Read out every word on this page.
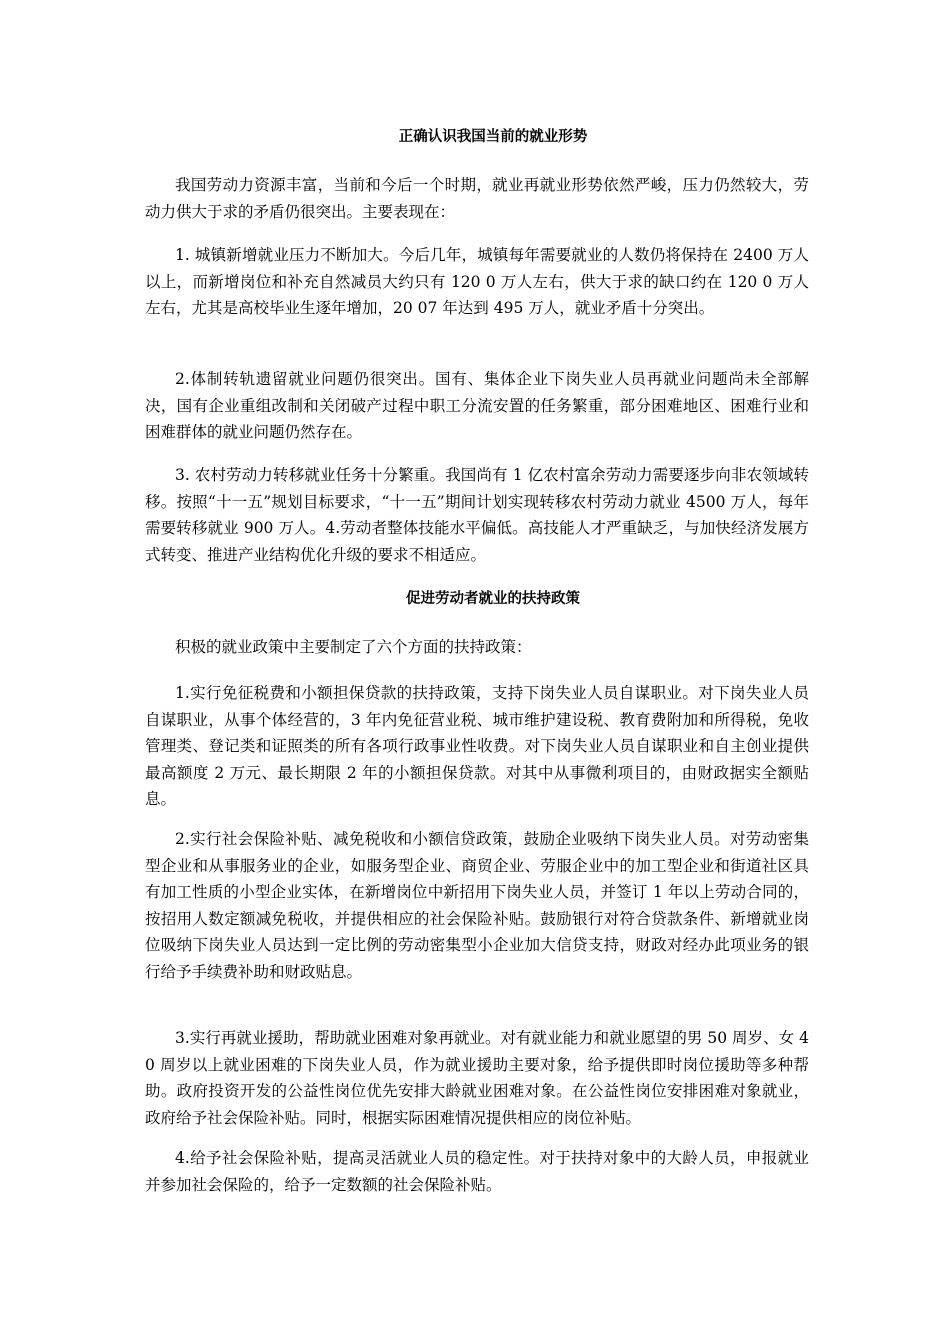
正确认识我国当前的就业形势

我国劳动力资源丰富，当前和今后一个时期，就业再就业形势依然严峻，压力仍然较大，劳动力供大于求的矛盾仍很突出。主要表现在：

1. 城镇新增就业压力不断加大。今后几年，城镇每年需要就业的人数仍将保持在 2400 万人以上，而新增岗位和补充自然减员大约只有 120 0 万人左右，供大于求的缺口约在 120 0 万人左右，尤其是高校毕业生逐年增加，20 07 年达到 495 万人，就业矛盾十分突出。

2.体制转轨遗留就业问题仍很突出。国有、集体企业下岗失业人员再就业问题尚未全部解决，国有企业重组改制和关闭破产过程中职工分流安置的任务繁重，部分困难地区、困难行业和困难群体的就业问题仍然存在。

3. 农村劳动力转移就业任务十分繁重。我国尚有 1 亿农村富余劳动力需要逐步向非农领域转移。按照“十一五”规划目标要求，“十一五”期间计划实现转移农村劳动力就业 4500 万人，每年需要转移就业 900 万人。4.劳动者整体技能水平偏低。高技能人才严重缺乏，与加快经济发展方式转变、推进产业结构优化升级的要求不相适应。

促进劳动者就业的扶持政策

积极的就业政策中主要制定了六个方面的扶持政策：

1.实行免征税费和小额担保贷款的扶持政策，支持下岗失业人员自谋职业。对下岗失业人员自谋职业，从事个体经营的，3 年内免征营业税、城市维护建设税、教育费附加和所得税，免收管理类、登记类和证照类的所有各项行政事业性收费。对下岗失业人员自谋职业和自主创业提供最高额度 2 万元、最长期限 2 年的小额担保贷款。对其中从事微利项目的，由财政据实全额贴息。

2.实行社会保险补贴、减免税收和小额信贷政策，鼓励企业吸纳下岗失业人员。对劳动密集型企业和从事服务业的企业，如服务型企业、商贸企业、劳服企业中的加工型企业和街道社区具有加工性质的小型企业实体，在新增岗位中新招用下岗失业人员，并签订 1 年以上劳动合同的，按招用人数定额减免税收，并提供相应的社会保险补贴。鼓励银行对符合贷款条件、新增就业岗位吸纳下岗失业人员达到一定比例的劳动密集型小企业加大信贷支持，财政对经办此项业务的银行给予手续费补助和财政贴息。

3.实行再就业援助，帮助就业困难对象再就业。对有就业能力和就业愿望的男 50 周岁、女 40 周岁以上就业困难的下岗失业人员，作为就业援助主要对象，给予提供即时岗位援助等多种帮助。政府投资开发的公益性岗位优先安排大龄就业困难对象。在公益性岗位安排困难对象就业，政府给予社会保险补贴。同时，根据实际困难情况提供相应的岗位补贴。

4.给予社会保险补贴，提高灵活就业人员的稳定性。对于扶持对象中的大龄人员，申报就业并参加社会保险的，给予一定数额的社会保险补贴。
